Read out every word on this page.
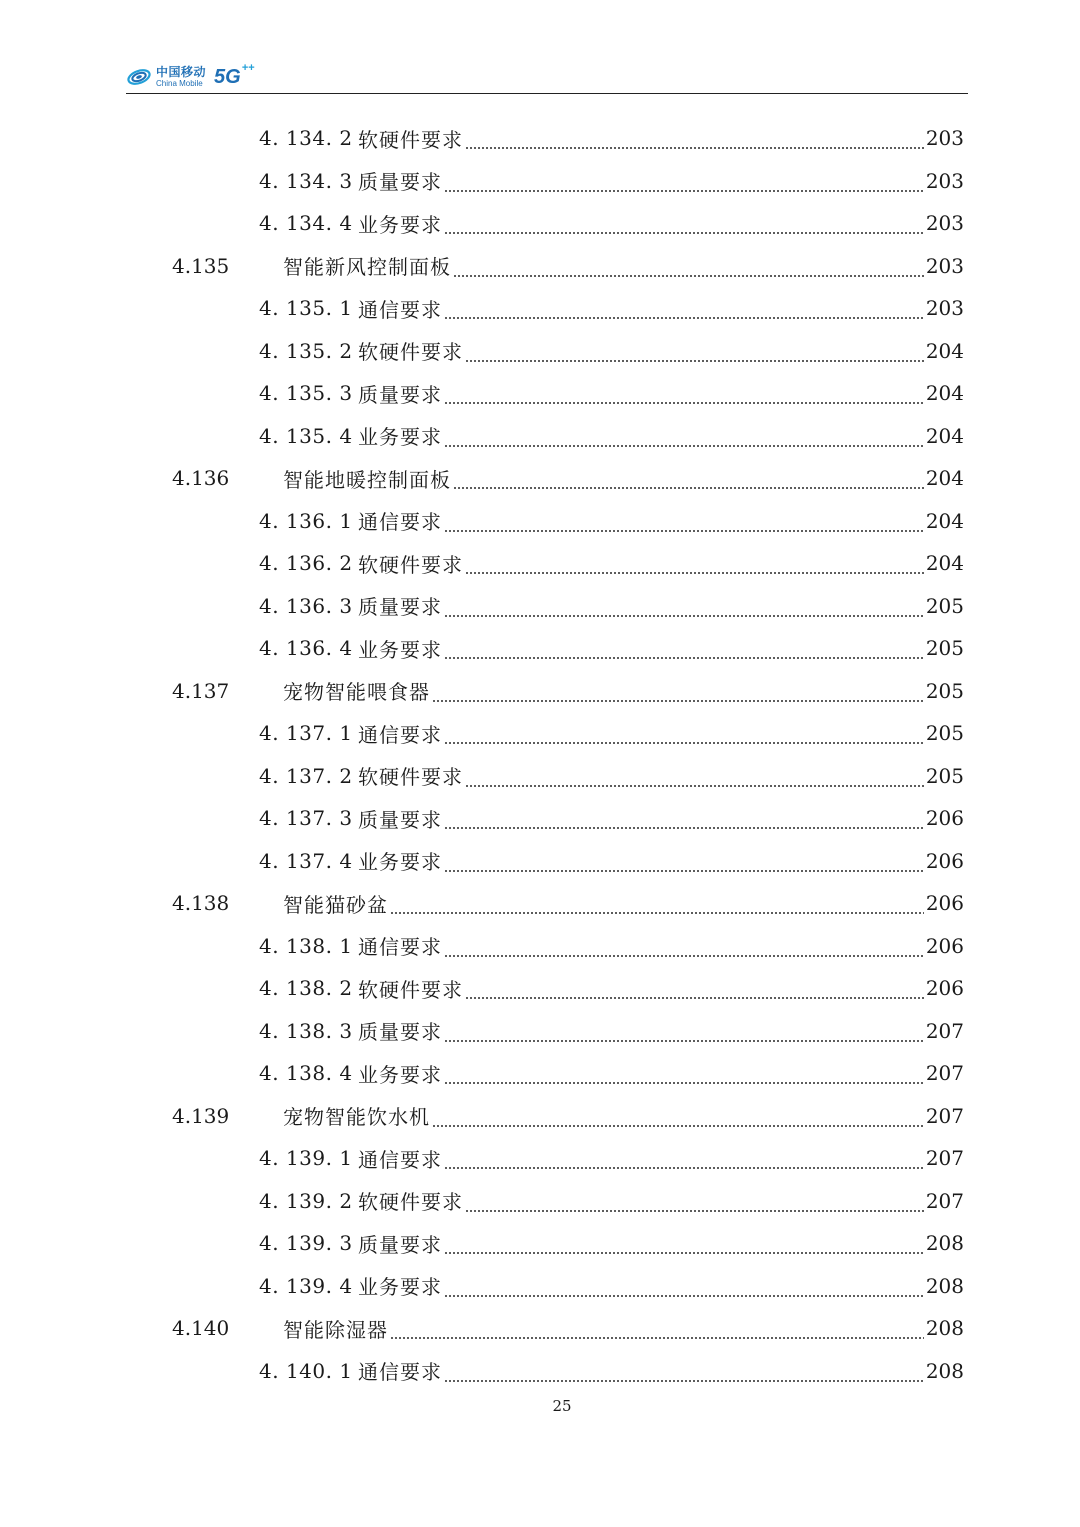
中国移动
China Mobile 5G ++
4. 134. 2 软硬件要求	203
4. 134. 3 质量要求	203
4. 134. 4 业务要求	203
4.135	智能新风控制面板	203
4. 135. 1 通信要求	203
4. 135. 2 软硬件要求	204
4. 135. 3 质量要求	204
4. 135. 4 业务要求	204
4.136	智能地暖控制面板	204
4. 136. 1 通信要求	204
4. 136. 2 软硬件要求	204
4. 136. 3 质量要求	205
4. 136. 4 业务要求	205
4.137	宠物智能喂食器	205
4. 137. 1 通信要求	205
4. 137. 2 软硬件要求	205
4. 137. 3 质量要求	206
4. 137. 4 业务要求	206
4.138	智能猫砂盆	206
4. 138. 1 通信要求	206
4. 138. 2 软硬件要求	206
4. 138. 3 质量要求	207
4. 138. 4 业务要求	207
4.139	宠物智能饮水机	207
4. 139. 1 通信要求	207
4. 139. 2 软硬件要求	207
4. 139. 3 质量要求	208
4. 139. 4 业务要求	208
4.140	智能除湿器	208
4. 140. 1 通信要求	208
25
